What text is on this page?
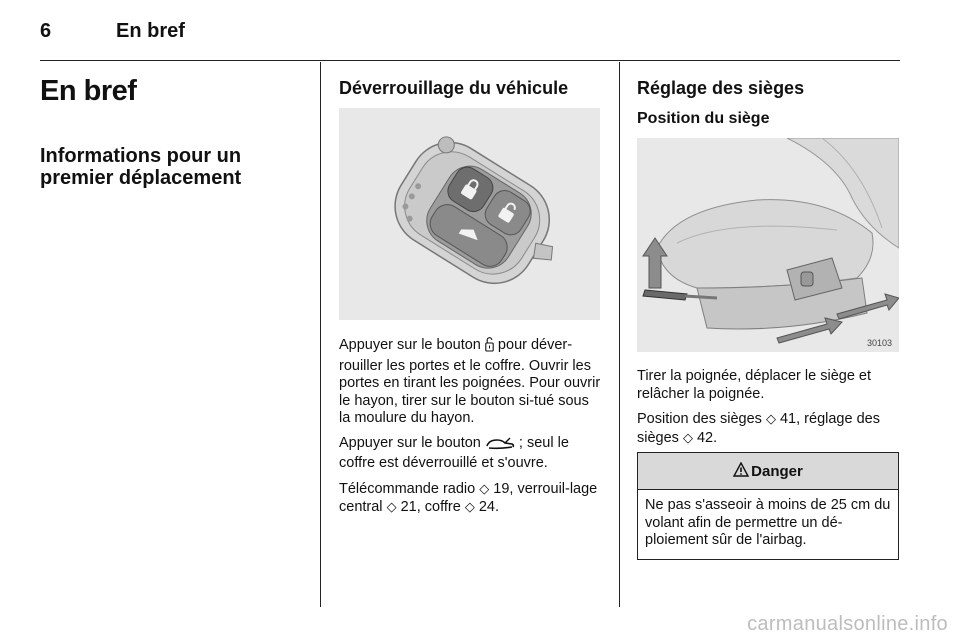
6	En bref
En bref
Informations pour un premier déplacement
Déverrouillage du véhicule

Appuyer sur le bouton  pour déver-rouiller les portes et le coffre. Ouvrir les portes en tirant les poignées. Pour ouvrir le hayon, tirer sur le bouton si-tué sous la moulure du hayon.

Appuyer sur le bouton  ; seul le coffre est déverrouillé et s'ouvre.

Télécommande radio ◇ 19, verrouil-lage central ◇ 21, coffre ◇ 24.

Réglage des sièges
Position du siège
30103

Tirer la poignée, déplacer le siège et relâcher la poignée.

Position des sièges ◇ 41, réglage des sièges ◇ 42.

Danger
Ne pas s'asseoir à moins de 25 cm du volant afin de permettre un dé-ploiement sûr de l'airbag.
carmanualsonline.info
